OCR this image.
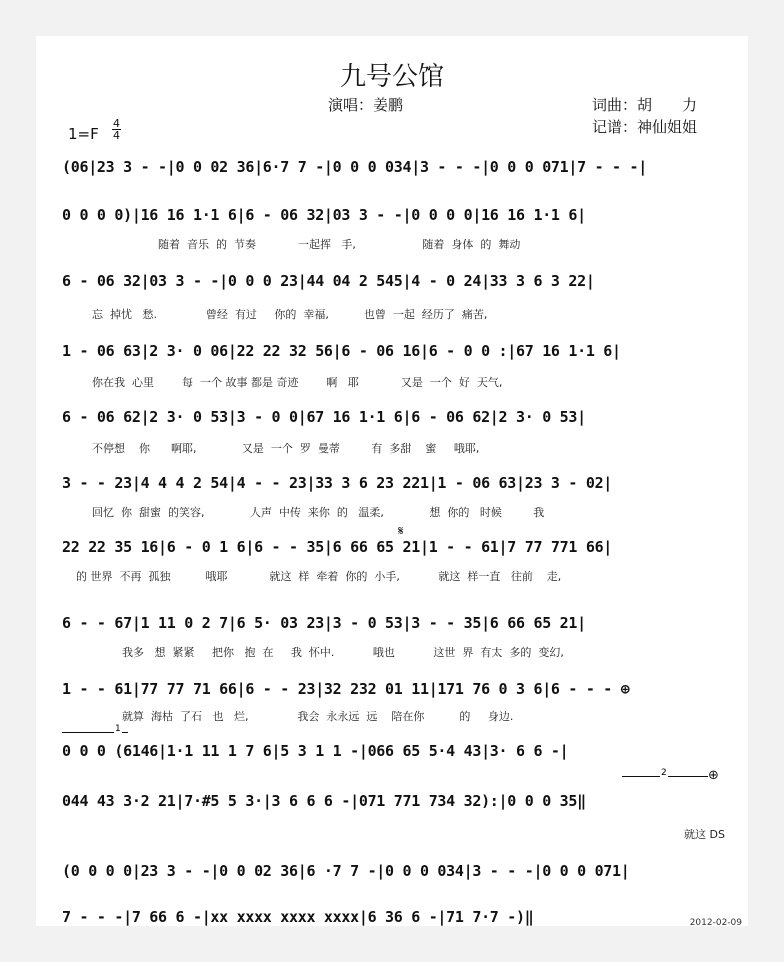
九号公馆
演唱：姜鹏	词曲：胡　　力
记谱：神仙姐姐
1=F
4
4
(06|23 3 - -|0 0 02 36|6·7 7 -|0 0 0 034|3 - - -|0 0 0 071|7 - - -|
0 0 0 0)|16 16 1·1 6|6 - 06 32|03 3 - -|0 0 0 0|16 16 1·1 6|
随着  音乐  的  节奏            一起挥   手,                   随着  身体  的  舞动
6 - 06 32|03 3 - -|0 0 0 23|44 04 2 545|4 - 0 24|33 3 6 3 22|
忘  掉忧   愁.              曾经  有过     你的  幸福,          也曾  一起  经历了  痛苦,
1 - 06 63|2 3· 0 06|22 22 32 56|6 - 06 16|6 - 0 0 :|67 16 1·1 6|
你在我  心里        每  一个 故事 都是 奇迹        啊   耶            又是  一个  好  天气,
6 - 06 62|2 3· 0 53|3 - 0 0|67 16 1·1 6|6 - 06 62|2 3· 0 53|
不停想    你      啊耶,             又是  一个  罗  曼蒂         有  多甜    蜜     哦耶,
3 - - 23|4 4 4 2 54|4 - - 23|33 3 6 23 221|1 - 06 63|23 3 - 02|
回忆  你  甜蜜  的笑容,             人声  中传  来你  的   温柔,             想  你的   时候         我
𝄋
22 22 35 16|6 - 0 1 6|6 - - 35|6 66 65 21|1 - - 61|7 77 771 66|
的 世界  不再  孤独          哦耶            就这  样  牵着  你的  小手,           就这  样一直   往前    走,
6 - - 67|1 11 0 2 7|6 5· 03 23|3 - 0 53|3 - - 35|6 66 65 21|
我多   想  紧紧     把你   抱  在     我  怀中.           哦也           这世  界  有太  多的  变幻,
1 - - 61|77 77 71 66|6 - - 23|32 232 01 11|171 76 0 3 6|6 - - - ⊕
就算  海枯  了石   也   烂,              我会  永永远  远    陪在你          的     身边.
1
0 0 0 (6146|1·1 11 1 7 6|5 3 1 1 -|066 65 5·4 43|3· 6 6 -|
2	⊕
044 43 3·2 21|7·#5 5 3·|3 6 6 6 -|071 771 734 32):|0 0 0 35‖
就这 DS
(0 0 0 0|23 3 - -|0 0 02 36|6 ·7 7 -|0 0 0 034|3 - - -|0 0 0 071|
7 - - -|7 66 6 -|xx xxxx xxxx xxxx|6 36 6 -|71 7·7 -)‖	2012-02-09
